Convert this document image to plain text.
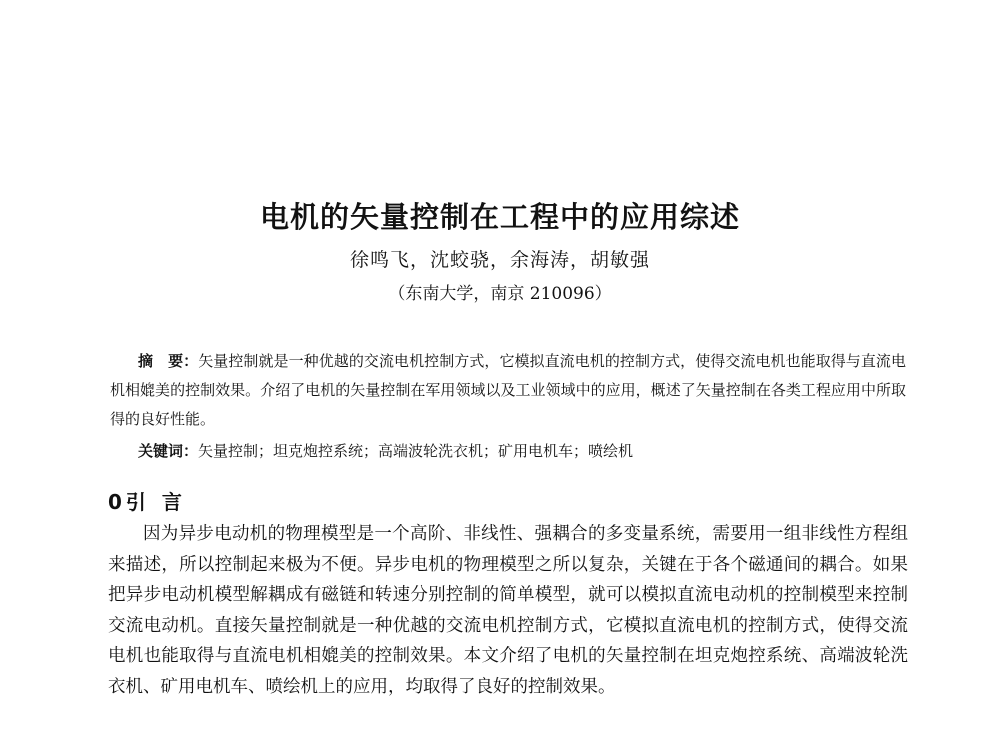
电机的矢量控制在工程中的应用综述
徐鸣飞，沈蛟骁，余海涛，胡敏强
（东南大学，南京 210096）

摘　要：矢量控制就是一种优越的交流电机控制方式，它模拟直流电机的控制方式，使得交流电机也能取得与直流电机相媲美的控制效果。介绍了电机的矢量控制在军用领域以及工业领域中的应用，概述了矢量控制在各类工程应用中所取得的良好性能。

关键词：矢量控制；坦克炮控系统；高端波轮洗衣机；矿用电机车；喷绘机

0 引言

因为异步电动机的物理模型是一个高阶、非线性、强耦合的多变量系统，需要用一组非线性方程组来描述，所以控制起来极为不便。异步电机的物理模型之所以复杂，关键在于各个磁通间的耦合。如果把异步电动机模型解耦成有磁链和转速分别控制的简单模型，就可以模拟直流电动机的控制模型来控制交流电动机。直接矢量控制就是一种优越的交流电机控制方式，它模拟直流电机的控制方式，使得交流电机也能取得与直流电机相媲美的控制效果。本文介绍了电机的矢量控制在坦克炮控系统、高端波轮洗衣机、矿用电机车、喷绘机上的应用，均取得了良好的控制效果。
